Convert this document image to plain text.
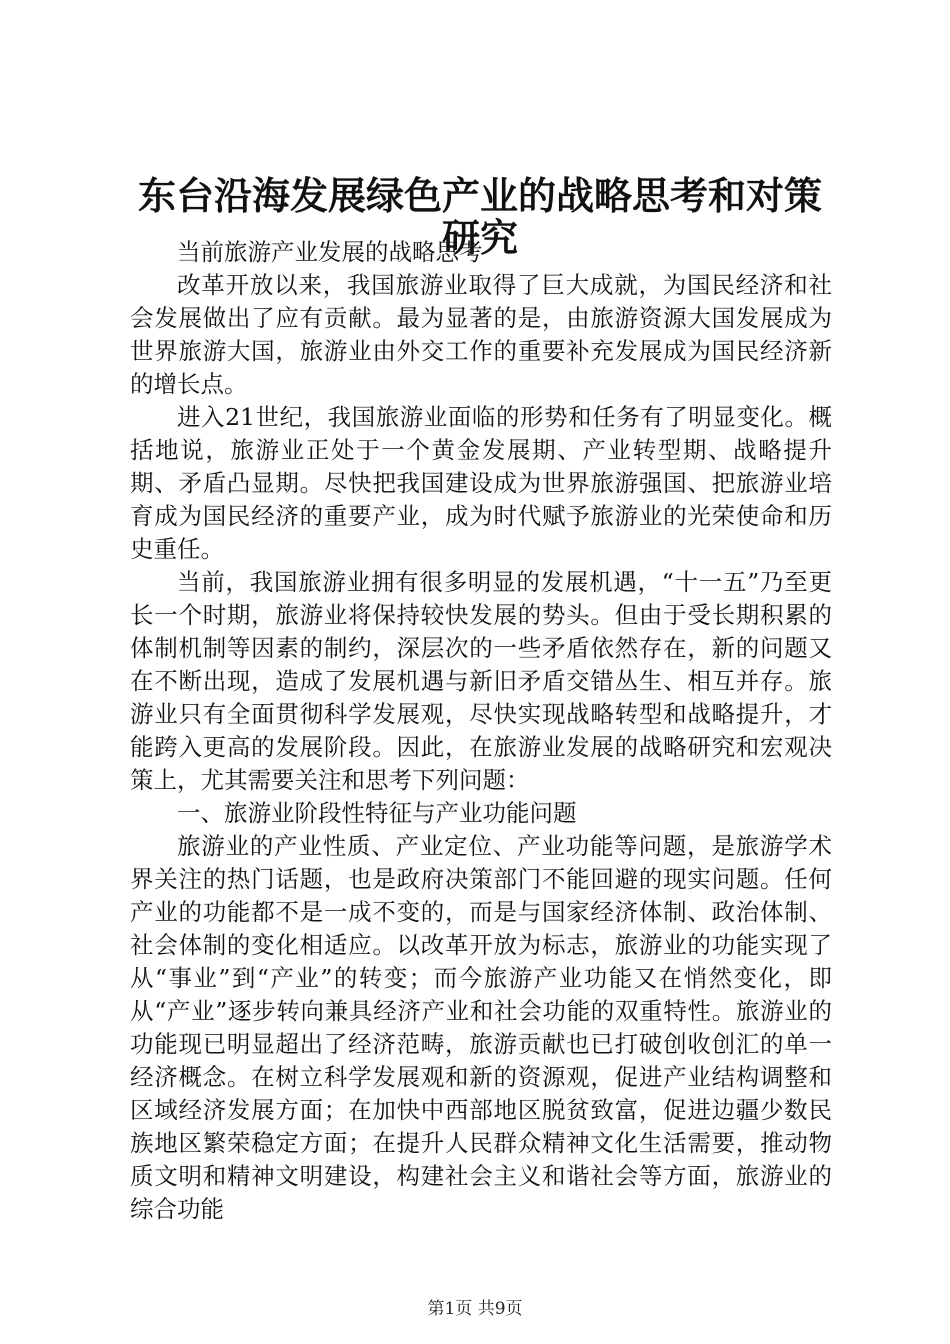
东台沿海发展绿色产业的战略思考和对策研究

当前旅游产业发展的战略思考

改革开放以来，我国旅游业取得了巨大成就，为国民经济和社会发展做出了应有贡献。最为显著的是，由旅游资源大国发展成为世界旅游大国，旅游业由外交工作的重要补充发展成为国民经济新的增长点。

进入21世纪，我国旅游业面临的形势和任务有了明显变化。概括地说，旅游业正处于一个黄金发展期、产业转型期、战略提升期、矛盾凸显期。尽快把我国建设成为世界旅游强国、把旅游业培育成为国民经济的重要产业，成为时代赋予旅游业的光荣使命和历史重任。

当前，我国旅游业拥有很多明显的发展机遇，“十一五”乃至更长一个时期，旅游业将保持较快发展的势头。但由于受长期积累的体制机制等因素的制约，深层次的一些矛盾依然存在，新的问题又在不断出现，造成了发展机遇与新旧矛盾交错丛生、相互并存。旅游业只有全面贯彻科学发展观，尽快实现战略转型和战略提升，才能跨入更高的发展阶段。因此，在旅游业发展的战略研究和宏观决策上，尤其需要关注和思考下列问题：

一、旅游业阶段性特征与产业功能问题

旅游业的产业性质、产业定位、产业功能等问题，是旅游学术界关注的热门话题，也是政府决策部门不能回避的现实问题。任何产业的功能都不是一成不变的，而是与国家经济体制、政治体制、社会体制的变化相适应。以改革开放为标志，旅游业的功能实现了从“事业”到“产业”的转变；而今旅游产业功能又在悄然变化，即从“产业”逐步转向兼具经济产业和社会功能的双重特性。旅游业的功能现已明显超出了经济范畴，旅游贡献也已打破创收创汇的单一经济概念。在树立科学发展观和新的资源观，促进产业结构调整和区域经济发展方面；在加快中西部地区脱贫致富，促进边疆少数民族地区繁荣稳定方面；在提升人民群众精神文化生活需要，推动物质文明和精神文明建设，构建社会主义和谐社会等方面，旅游业的综合功能

第1页 共9页
